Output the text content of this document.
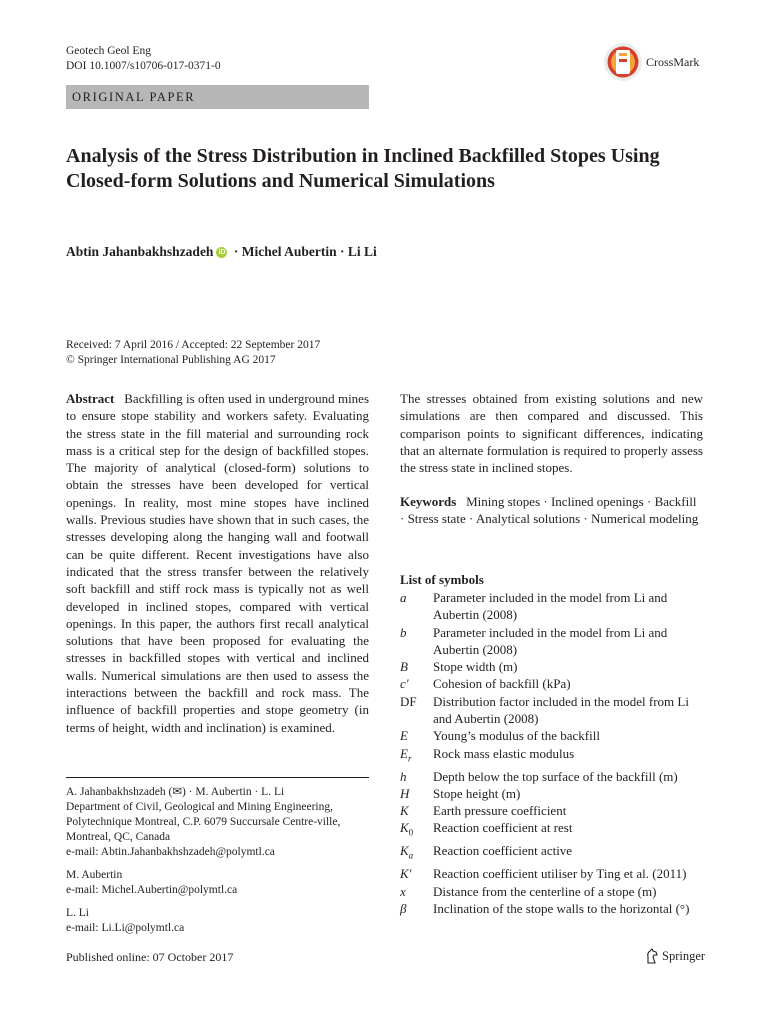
Geotech Geol Eng
DOI 10.1007/s10706-017-0371-0	CrossMark
ORIGINAL PAPER
Analysis of the Stress Distribution in Inclined Backfilled Stopes Using Closed-form Solutions and Numerical Simulations
Abtin Jahanbakhshzadeh iD · Michel Aubertin · Li Li
Received: 7 April 2016 / Accepted: 22 September 2017
© Springer International Publishing AG 2017
Abstract Backfilling is often used in underground mines to ensure stope stability and workers safety. Evaluating the stress state in the fill material and surrounding rock mass is a critical step for the design of backfilled stopes. The majority of analytical (closed-form) solutions to obtain the stresses have been developed for vertical openings. In reality, most mine stopes have inclined walls. Previous studies have shown that in such cases, the stresses developing along the hanging wall and footwall can be quite different. Recent investigations have also indicated that the stress transfer between the relatively soft backfill and stiff rock mass is typically not as well developed in inclined stopes, compared with vertical openings. In this paper, the authors first recall analytical solutions that have been proposed for evaluating the stresses in backfilled stopes with vertical and inclined walls. Numerical simulations are then used to assess the interactions between the backfill and rock mass. The influence of backfill properties and stope geometry (in terms of height, width and inclination) is examined.
The stresses obtained from existing solutions and new simulations are then compared and discussed. This comparison points to significant differences, indicating that an alternate formulation is required to properly assess the stress state in inclined stopes.
Keywords Mining stopes · Inclined openings · Backfill · Stress state · Analytical solutions · Numerical modeling
List of symbols
a	Parameter included in the model from Li and Aubertin (2008)
b	Parameter included in the model from Li and Aubertin (2008)
B	Stope width (m)
c′	Cohesion of backfill (kPa)
DF	Distribution factor included in the model from Li and Aubertin (2008)
E	Young’s modulus of the backfill
$E_r$	Rock mass elastic modulus
h	Depth below the top surface of the backfill (m)
H	Stope height (m)
K	Earth pressure coefficient
$K_0$	Reaction coefficient at rest
$K_a$	Reaction coefficient active
K′	Reaction coefficient utiliser by Ting et al. (2011)
x	Distance from the centerline of a stope (m)
β	Inclination of the stope walls to the horizontal (°)
A. Jahanbakhshzadeh (✉) · M. Aubertin · L. Li
Department of Civil, Geological and Mining Engineering, Polytechnique Montreal, C.P. 6079 Succursale Centre-ville, Montreal, QC, Canada
e-mail: Abtin.Jahanbakhshzadeh@polymtl.ca
M. Aubertin
e-mail: Michel.Aubertin@polymtl.ca
L. Li
e-mail: Li.Li@polymtl.ca
Published online: 07 October 2017	Springer
